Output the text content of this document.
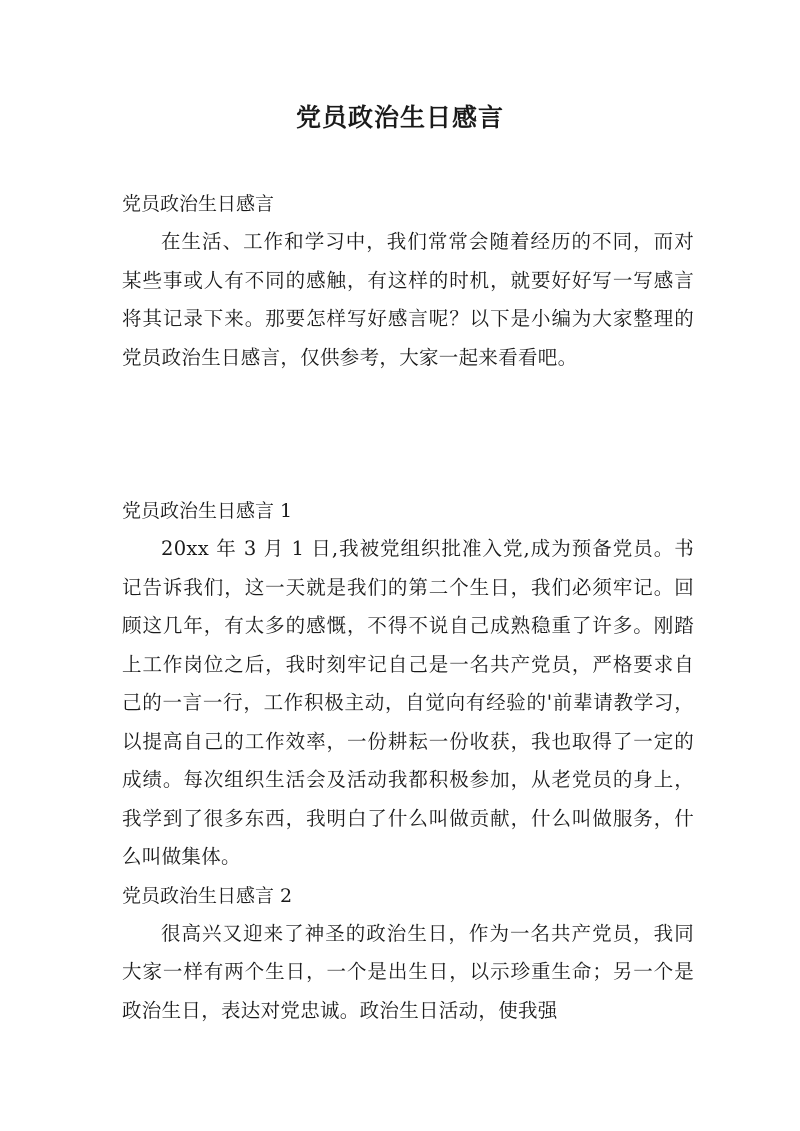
党员政治生日感言

党员政治生日感言

在生活、工作和学习中，我们常常会随着经历的不同，而对某些事或人有不同的感触，有这样的时机，就要好好写一写感言将其记录下来。那要怎样写好感言呢？以下是小编为大家整理的党员政治生日感言，仅供参考，大家一起来看看吧。

党员政治生日感言 1

20xx 年 3 月 1 日,我被党组织批准入党,成为预备党员。书记告诉我们，这一天就是我们的第二个生日，我们必须牢记。回顾这几年，有太多的感慨，不得不说自己成熟稳重了许多。刚踏上工作岗位之后，我时刻牢记自己是一名共产党员，严格要求自己的一言一行，工作积极主动，自觉向有经验的'前辈请教学习，以提高自己的工作效率，一份耕耘一份收获，我也取得了一定的成绩。每次组织生活会及活动我都积极参加，从老党员的身上，我学到了很多东西，我明白了什么叫做贡献，什么叫做服务，什么叫做集体。

党员政治生日感言 2

很高兴又迎来了神圣的政治生日，作为一名共产党员，我同大家一样有两个生日，一个是出生日，以示珍重生命；另一个是政治生日，表达对党忠诚。政治生日活动，使我强
